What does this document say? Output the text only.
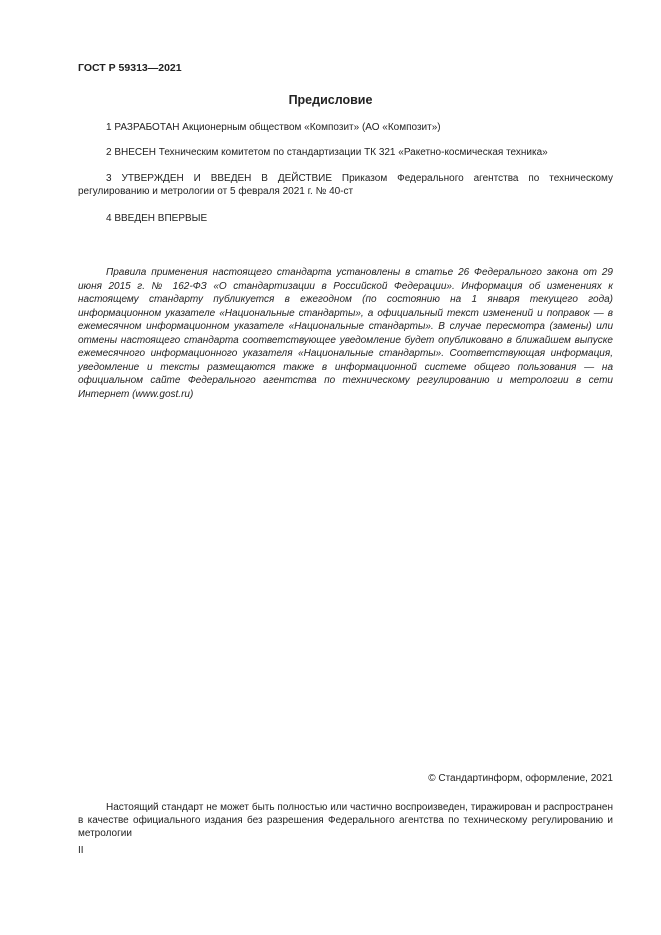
ГОСТ Р 59313—2021
Предисловие

1 РАЗРАБОТАН Акционерным обществом «Композит» (АО «Композит»)

2 ВНЕСЕН Техническим комитетом по стандартизации ТК 321 «Ракетно-космическая техника»

3 УТВЕРЖДЕН И ВВЕДЕН В ДЕЙСТВИЕ Приказом Федерального агентства по техническому регулированию и метрологии от 5 февраля 2021 г. № 40-ст

4 ВВЕДЕН ВПЕРВЫЕ

Правила применения настоящего стандарта установлены в статье 26 Федерального закона от 29 июня 2015 г. № 162-ФЗ «О стандартизации в Российской Федерации». Информация об изменениях к настоящему стандарту публикуется в ежегодном (по состоянию на 1 января текущего года) информационном указателе «Национальные стандарты», а официальный текст изменений и поправок — в ежемесячном информационном указателе «Национальные стандарты». В случае пересмотра (замены) или отмены настоящего стандарта соответствующее уведомление будет опубликовано в ближайшем выпуске ежемесячного информационного указателя «Национальные стандарты». Соответствующая информация, уведомление и тексты размещаются также в информационной системе общего пользования — на официальном сайте Федерального агентства по техническому регулированию и метрологии в сети Интернет (www.gost.ru)

© Стандартинформ, оформление, 2021

Настоящий стандарт не может быть полностью или частично воспроизведен, тиражирован и распространен в качестве официального издания без разрешения Федерального агентства по техническому регулированию и метрологии

II
